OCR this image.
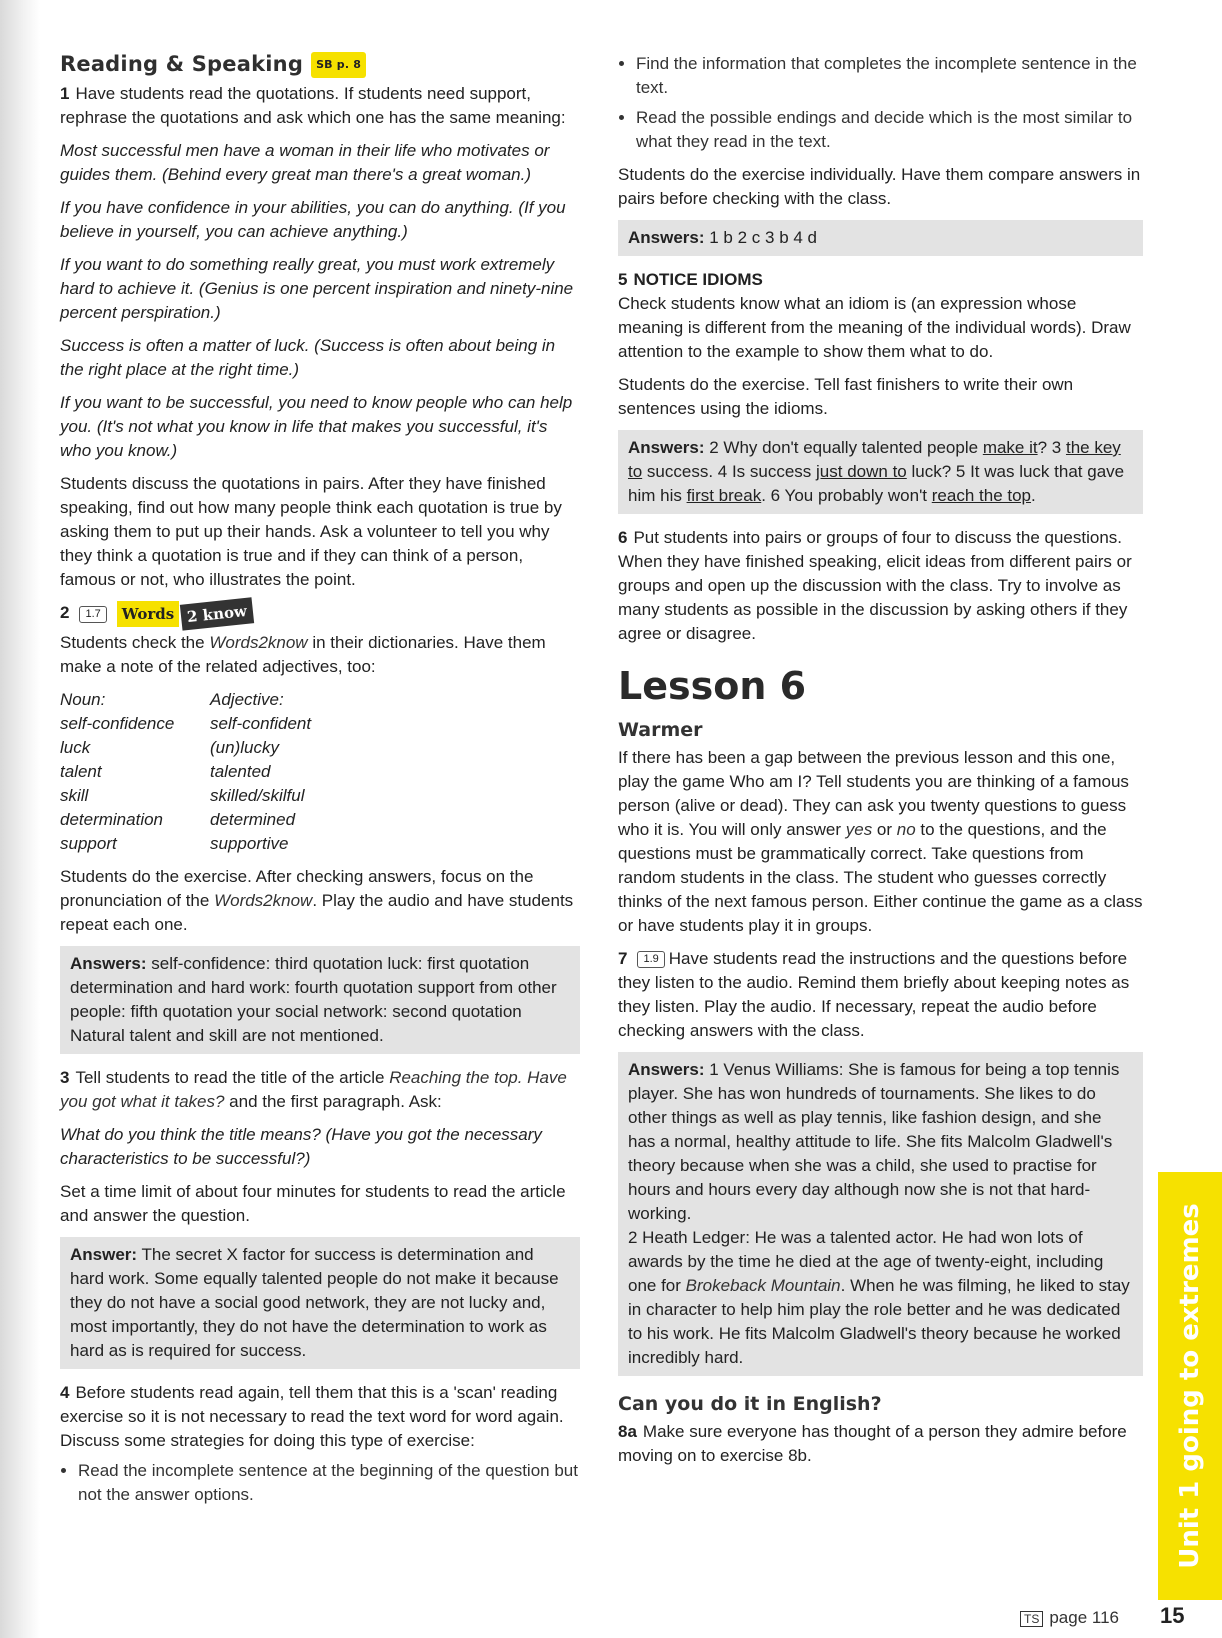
Reading & Speaking SB p. 8

1 Have students read the quotations. If students need support, rephrase the quotations and ask which one has the same meaning:

Most successful men have a woman in their life who motivates or guides them. (Behind every great man there's a great woman.)

If you have confidence in your abilities, you can do anything. (If you believe in yourself, you can achieve anything.)

If you want to do something really great, you must work extremely hard to achieve it. (Genius is one percent inspiration and ninety-nine percent perspiration.)

Success is often a matter of luck. (Success is often about being in the right place at the right time.)

If you want to be successful, you need to know people who can help you. (It's not what you know in life that makes you successful, it's who you know.)

Students discuss the quotations in pairs. After they have finished speaking, find out how many people think each quotation is true by asking them to put up their hands. Ask a volunteer to tell you why they think a quotation is true and if they can think of a person, famous or not, who illustrates the point.

2 1.7	Words 2 know

Students check the Words2know in their dictionaries. Have them make a note of the related adjectives, too:

Noun:	Adjective:
self-confidence	self-confident
luck	(un)lucky
talent	talented
skill	skilled/skilful
determination	determined
support	supportive

Students do the exercise. After checking answers, focus on the pronunciation of the Words2know. Play the audio and have students repeat each one.

Answers: self-confidence: third quotation luck: first quotation determination and hard work: fourth quotation support from other people: fifth quotation your social network: second quotation
Natural talent and skill are not mentioned.

3 Tell students to read the title of the article Reaching the top. Have you got what it takes? and the first paragraph. Ask:

What do you think the title means? (Have you got the necessary characteristics to be successful?)

Set a time limit of about four minutes for students to read the article and answer the question.

Answer: The secret X factor for success is determination and hard work. Some equally talented people do not make it because they do not have a social good network, they are not lucky and, most importantly, they do not have the determination to work as hard as is required for success.

4 Before students read again, tell them that this is a 'scan' reading exercise so it is not necessary to read the text word for word again. Discuss some strategies for doing this type of exercise:

• Read the incomplete sentence at the beginning of the question but not the answer options.
• Find the information that completes the incomplete sentence in the text.
• Read the possible endings and decide which is the most similar to what they read in the text.

Students do the exercise individually. Have them compare answers in pairs before checking with the class.

Answers: 1 b 2 c 3 b 4 d

5 NOTICE IDIOMS

Check students know what an idiom is (an expression whose meaning is different from the meaning of the individual words). Draw attention to the example to show them what to do.

Students do the exercise. Tell fast finishers to write their own sentences using the idioms.

Answers: 2 Why don't equally talented people make it? 3 the key to success. 4 Is success just down to luck? 5 It was luck that gave him his first break. 6 You probably won't reach the top.

6 Put students into pairs or groups of four to discuss the questions. When they have finished speaking, elicit ideas from different pairs or groups and open up the discussion with the class. Try to involve as many students as possible in the discussion by asking others if they agree or disagree.

Lesson 6
Warmer

If there has been a gap between the previous lesson and this one, play the game Who am I? Tell students you are thinking of a famous person (alive or dead). They can ask you twenty questions to guess who it is. You will only answer yes or no to the questions, and the questions must be grammatically correct. Take questions from random students in the class. The student who guesses correctly thinks of the next famous person. Either continue the game as a class or have students play it in groups.

7 1.9 Have students read the instructions and the questions before they listen to the audio. Remind them briefly about keeping notes as they listen. Play the audio. If necessary, repeat the audio before checking answers with the class.

Answers: 1 Venus Williams: She is famous for being a top tennis player. She has won hundreds of tournaments. She likes to do other things as well as play tennis, like fashion design, and she has a normal, healthy attitude to life. She fits Malcolm Gladwell's theory because when she was a child, she used to practise for hours and hours every day although now she is not that hard-working.
2 Heath Ledger: He was a talented actor. He had won lots of awards by the time he died at the age of twenty-eight, including one for Brokeback Mountain. When he was filming, he liked to stay in character to help him play the role better and he was dedicated to his work. He fits Malcolm Gladwell's theory because he worked incredibly hard.
Can you do it in English?

8a Make sure everyone has thought of a person they admire before moving on to exercise 8b.	Unit 1 going to extremes
TS page 116 15
